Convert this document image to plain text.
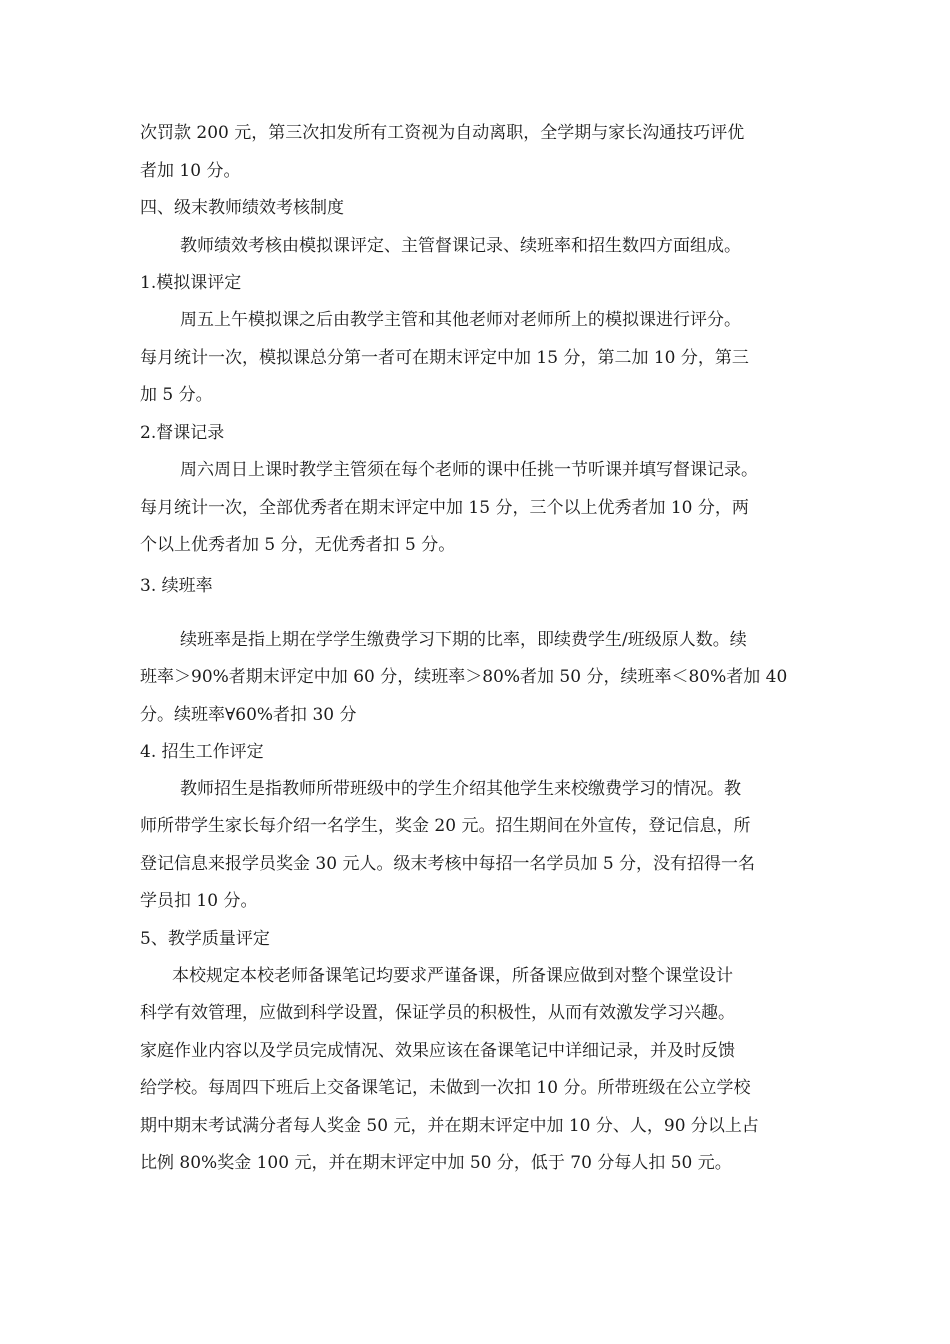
次罚款 200 元，第三次扣发所有工资视为自动离职，全学期与家长沟通技巧评优
者加 10 分。
四、级末教师绩效考核制度
教师绩效考核由模拟课评定、主管督课记录、续班率和招生数四方面组成。
1.模拟课评定
周五上午模拟课之后由教学主管和其他老师对老师所上的模拟课进行评分。
每月统计一次，模拟课总分第一者可在期末评定中加 15 分，第二加 10 分，第三
加 5 分。
2.督课记录
周六周日上课时教学主管须在每个老师的课中任挑一节听课并填写督课记录。
每月统计一次，全部优秀者在期末评定中加 15 分，三个以上优秀者加 10 分，两
个以上优秀者加 5 分，无优秀者扣 5 分。
3. 续班率
续班率是指上期在学学生缴费学习下期的比率，即续费学生/班级原人数。续
班率＞90%者期末评定中加 60 分，续班率＞80%者加 50 分，续班率＜80%者加 40
分。续班率∀60%者扣 30 分
4. 招生工作评定
教师招生是指教师所带班级中的学生介绍其他学生来校缴费学习的情况。教
师所带学生家长每介绍一名学生，奖金 20 元。招生期间在外宣传，登记信息，所
登记信息来报学员奖金 30 元人。级末考核中每招一名学员加 5 分，没有招得一名
学员扣 10 分。
5、教学质量评定
本校规定本校老师备课笔记均要求严谨备课，所备课应做到对整个课堂设计
科学有效管理，应做到科学设置，保证学员的积极性，从而有效激发学习兴趣。
家庭作业内容以及学员完成情况、效果应该在备课笔记中详细记录，并及时反馈
给学校。每周四下班后上交备课笔记，未做到一次扣 10 分。所带班级在公立学校
期中期末考试满分者每人奖金 50 元，并在期末评定中加 10 分、人，90 分以上占
比例 80%奖金 100 元，并在期末评定中加 50 分，低于 70 分每人扣 50 元。
